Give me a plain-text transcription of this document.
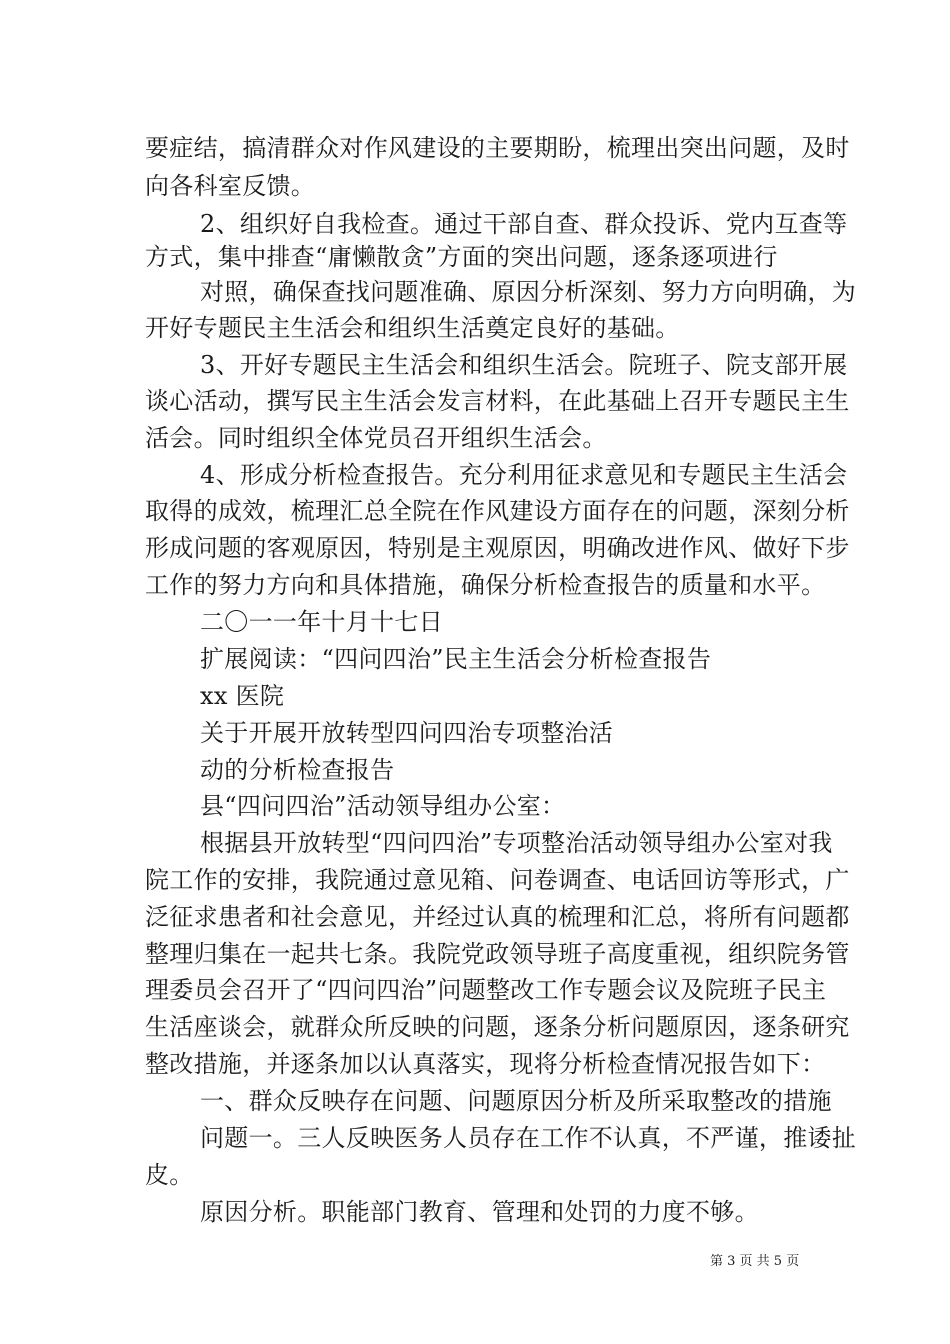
要症结，搞清群众对作风建设的主要期盼，梳理出突出问题，及时
向各科室反馈。
2、组织好自我检查。通过干部自查、群众投诉、党内互查等
方式，集中排查“庸懒散贪”方面的突出问题，逐条逐项进行
对照，确保查找问题准确、原因分析深刻、努力方向明确，为
开好专题民主生活会和组织生活奠定良好的基础。
3、开好专题民主生活会和组织生活会。院班子、院支部开展
谈心活动，撰写民主生活会发言材料，在此基础上召开专题民主生
活会。同时组织全体党员召开组织生活会。
4、形成分析检查报告。充分利用征求意见和专题民主生活会
取得的成效，梳理汇总全院在作风建设方面存在的问题，深刻分析
形成问题的客观原因，特别是主观原因，明确改进作风、做好下步
工作的努力方向和具体措施，确保分析检查报告的质量和水平。
二〇一一年十月十七日
扩展阅读：“四问四治”民主生活会分析检查报告
xx 医院
关于开展开放转型四问四治专项整治活
动的分析检查报告
县“四问四治”活动领导组办公室：
根据县开放转型“四问四治”专项整治活动领导组办公室对我
院工作的安排，我院通过意见箱、问卷调查、电话回访等形式，广
泛征求患者和社会意见，并经过认真的梳理和汇总，将所有问题都
整理归集在一起共七条。我院党政领导班子高度重视，组织院务管
理委员会召开了“四问四治”问题整改工作专题会议及院班子民主
生活座谈会，就群众所反映的问题，逐条分析问题原因，逐条研究
整改措施，并逐条加以认真落实，现将分析检查情况报告如下：
一、群众反映存在问题、问题原因分析及所采取整改的措施
问题一。三人反映医务人员存在工作不认真，不严谨，推诿扯
皮。
原因分析。职能部门教育、管理和处罚的力度不够。
第 3 页 共 5 页
